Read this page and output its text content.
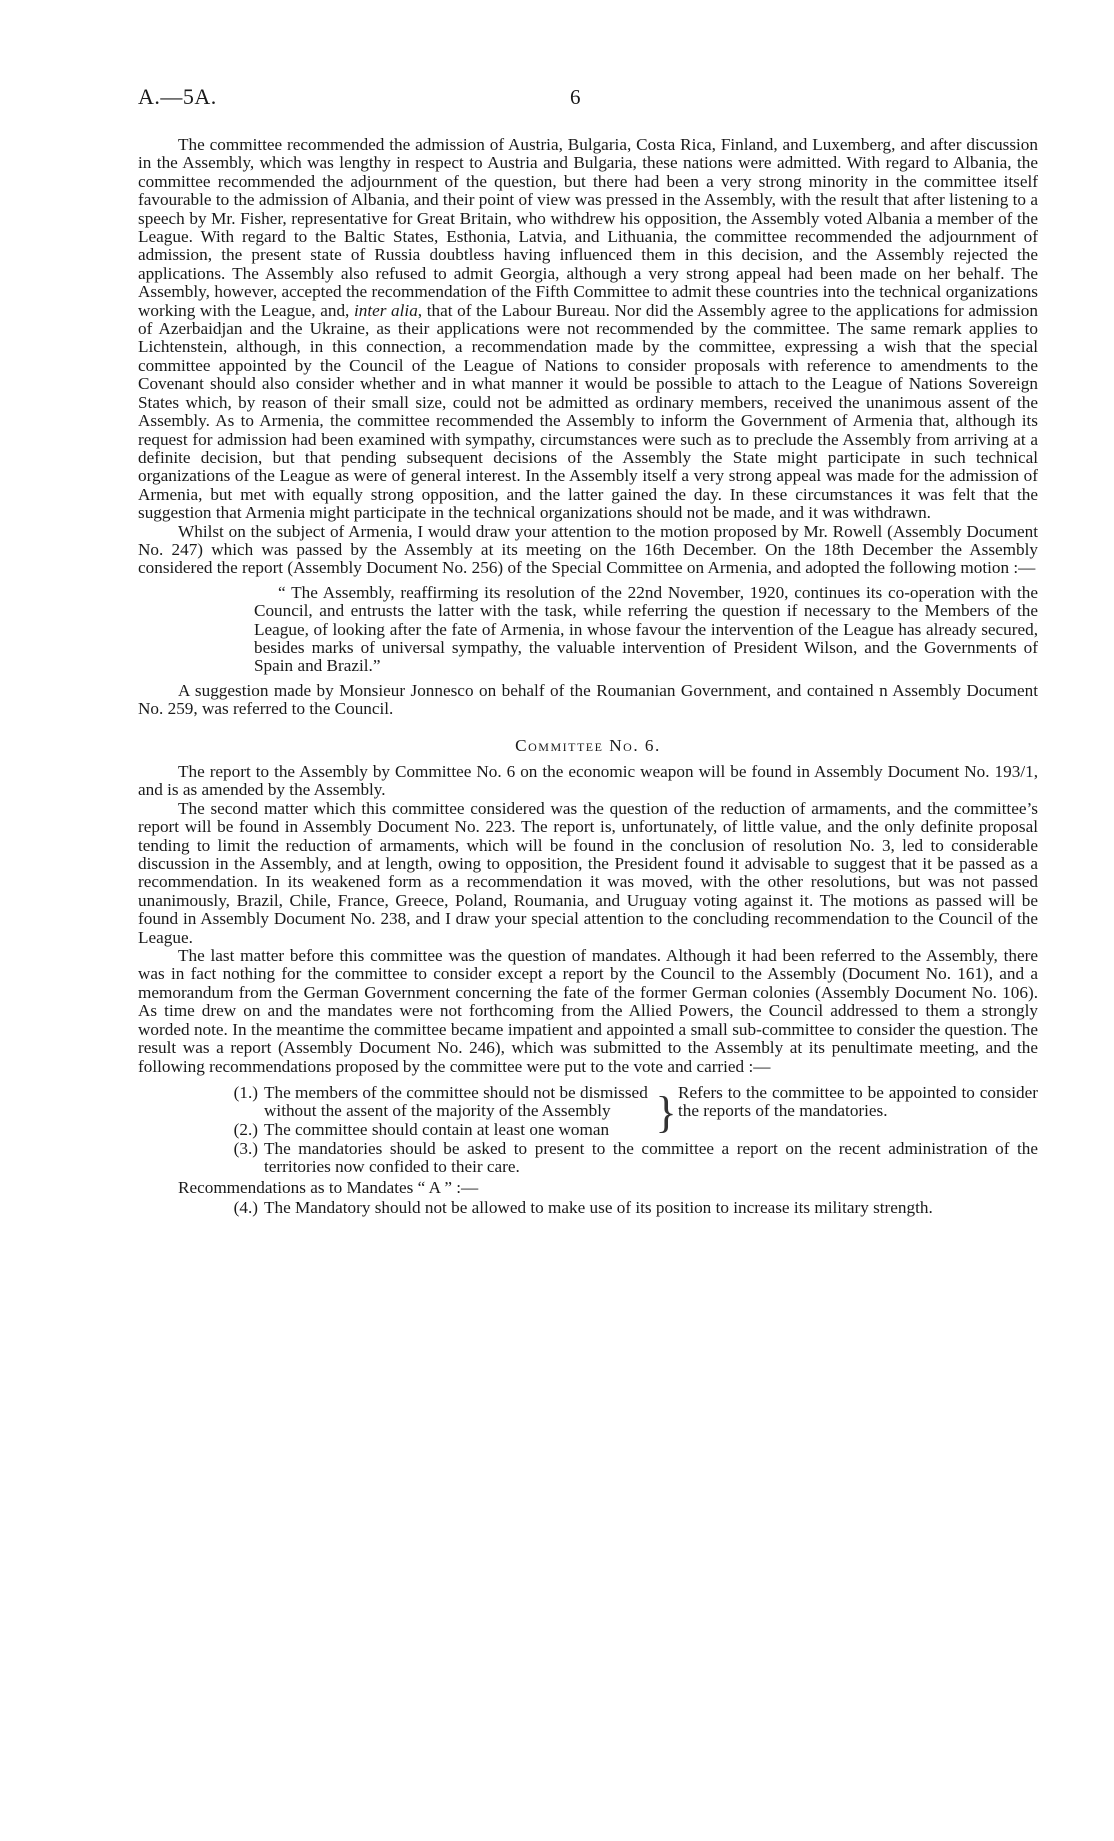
A.—5A.	6

The committee recommended the admission of Austria, Bulgaria, Costa Rica, Finland, and Luxemberg, and after discussion in the Assembly, which was lengthy in respect to Austria and Bulgaria, these nations were admitted. With regard to Albania, the committee recommended the adjournment of the question, but there had been a very strong minority in the committee itself favourable to the admission of Albania, and their point of view was pressed in the Assembly, with the result that after listening to a speech by Mr. Fisher, representative for Great Britain, who withdrew his opposition, the Assembly voted Albania a member of the League. With regard to the Baltic States, Esthonia, Latvia, and Lithuania, the committee recommended the adjournment of admission, the present state of Russia doubtless having influenced them in this decision, and the Assembly rejected the applications. The Assembly also refused to admit Georgia, although a very strong appeal had been made on her behalf. The Assembly, however, accepted the recommendation of the Fifth Committee to admit these countries into the technical organizations working with the League, and, inter alia, that of the Labour Bureau. Nor did the Assembly agree to the applications for admission of Azerbaidjan and the Ukraine, as their applications were not recommended by the committee. The same remark applies to Lichtenstein, although, in this connection, a recommendation made by the committee, expressing a wish that the special committee appointed by the Council of the League of Nations to consider proposals with reference to amendments to the Covenant should also consider whether and in what manner it would be possible to attach to the League of Nations Sovereign States which, by reason of their small size, could not be admitted as ordinary members, received the unanimous assent of the Assembly. As to Armenia, the committee recommended the Assembly to inform the Government of Armenia that, although its request for admission had been examined with sympathy, circumstances were such as to preclude the Assembly from arriving at a definite decision, but that pending subsequent decisions of the Assembly the State might participate in such technical organizations of the League as were of general interest. In the Assembly itself a very strong appeal was made for the admission of Armenia, but met with equally strong opposition, and the latter gained the day. In these circumstances it was felt that the suggestion that Armenia might participate in the technical organizations should not be made, and it was withdrawn.

Whilst on the subject of Armenia, I would draw your attention to the motion proposed by Mr. Rowell (Assembly Document No. 247) which was passed by the Assembly at its meeting on the 16th December. On the 18th December the Assembly considered the report (Assembly Document No. 256) of the Special Committee on Armenia, and adopted the following motion :—

“ The Assembly, reaffirming its resolution of the 22nd November, 1920, continues its co-operation with the Council, and entrusts the latter with the task, while referring the question if necessary to the Members of the League, of looking after the fate of Armenia, in whose favour the intervention of the League has already secured, besides marks of universal sympathy, the valuable intervention of President Wilson, and the Governments of Spain and Brazil.”

A suggestion made by Monsieur Jonnesco on behalf of the Roumanian Government, and contained n Assembly Document No. 259, was referred to the Council.

Committee No. 6.

The report to the Assembly by Committee No. 6 on the economic weapon will be found in Assembly Document No. 193/1, and is as amended by the Assembly.

The second matter which this committee considered was the question of the reduction of armaments, and the committee’s report will be found in Assembly Document No. 223. The report is, unfortunately, of little value, and the only definite proposal tending to limit the reduction of armaments, which will be found in the conclusion of resolution No. 3, led to considerable discussion in the Assembly, and at length, owing to opposition, the President found it advisable to suggest that it be passed as a recommendation. In its weakened form as a recommendation it was moved, with the other resolutions, but was not passed unanimously, Brazil, Chile, France, Greece, Poland, Roumania, and Uruguay voting against it. The motions as passed will be found in Assembly Document No. 238, and I draw your special attention to the concluding recommendation to the Council of the League.

The last matter before this committee was the question of mandates. Although it had been referred to the Assembly, there was in fact nothing for the committee to consider except a report by the Council to the Assembly (Document No. 161), and a memorandum from the German Government concerning the fate of the former German colonies (Assembly Document No. 106). As time drew on and the mandates were not forthcoming from the Allied Powers, the Council addressed to them a strongly worded note. In the meantime the committee became impatient and appointed a small sub-committee to consider the question. The result was a report (Assembly Document No. 246), which was submitted to the Assembly at its penultimate meeting, and the following recommendations proposed by the committee were put to the vote and carried :—

(1.) The members of the committee should not be dismissed without the assent of the majority of the Assembly
(2.) The committee should contain at least one woman	} Refers to the committee to be appointed to consider the reports of the mandatories.
(3.) The mandatories should be asked to present to the committee a report on the recent administration of the territories now confided to their care.

Recommendations as to Mandates “ A ” :—

(4.) The Mandatory should not be allowed to make use of its position to increase its military strength.
